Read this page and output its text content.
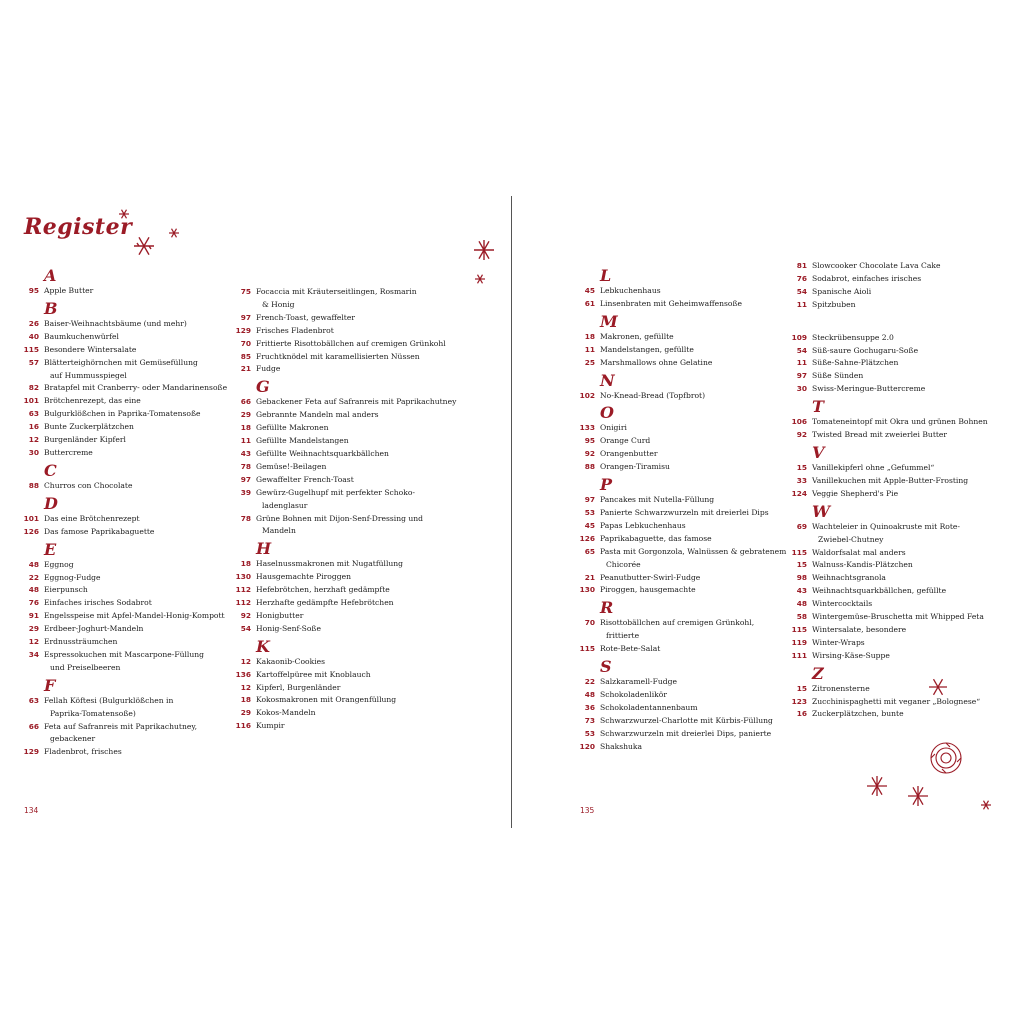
Register
A
95 Apple Butter
B
26 Baiser-Weihnachtsbäume (und mehr)
40 Baumkuchenwürfel
115 Besondere Wintersalate
57 Blätterteighörnchen mit Gemüsefüllung
auf Hummusspiegel
82 Bratapfel mit Cranberry- oder Mandarinensoße
101 Brötchenrezept, das eine
63 Bulgurklößchen in Paprika-Tomatensoße
16 Bunte Zuckerplätzchen
12 Burgenländer Kipferl
30 Buttercreme
C
88 Churros con Chocolate
D
101 Das eine Brötchenrezept
126 Das famose Paprikabaguette
E
48 Eggnog
22 Eggnog-Fudge
48 Eierpunsch
76 Einfaches irisches Sodabrot
91 Engelsspeise mit Apfel-Mandel-Honig-Kompott
29 Erdbeer-Joghurt-Mandeln
12 Erdnussträumchen
34 Espressokuchen mit Mascarpone-Füllung
und Preiselbeeren
F
63 Fellah Köftesi (Bulgurklößchen in
Paprika-Tomatensoße)
66 Feta auf Safranreis mit Paprikachutney,
gebackener
129 Fladenbrot, frisches
75 Focaccia mit Kräuterseitlingen, Rosmarin
& Honig
97 French-Toast, gewaffelter
129 Frisches Fladenbrot
70 Frittierte Risottobällchen auf cremigen Grünkohl
85 Fruchtknödel mit karamellisierten Nüssen
21 Fudge
G
66 Gebackener Feta auf Safranreis mit Paprikachutney
29 Gebrannte Mandeln mal anders
18 Gefüllte Makronen
11 Gefüllte Mandelstangen
43 Gefüllte Weihnachtsquarkbällchen
78 Gemüse!-Beilagen
97 Gewaffelter French-Toast
39 Gewürz-Gugelhupf mit perfekter Schoko-
ladenglasur
78 Grüne Bohnen mit Dijon-Senf-Dressing und
Mandeln
H
18 Haselnussmakronen mit Nugatfüllung
130 Hausgemachte Piroggen
112 Hefebrötchen, herzhaft gedämpfte
112 Herzhafte gedämpfte Hefebrötchen
92 Honigbutter
54 Honig-Senf-Soße
K
12 Kakaonib-Cookies
136 Kartoffelpüree mit Knoblauch
12 Kipferl, Burgenländer
18 Kokosmakronen mit Orangenfüllung
29 Kokos-Mandeln
116 Kumpir
L
45 Lebkuchenhaus
61 Linsenbraten mit Geheimwaffensoße
M
18 Makronen, gefüllte
11 Mandelstangen, gefüllte
25 Marshmallows ohne Gelatine
N
102 No-Knead-Bread (Topfbrot)
O
133 Onigiri
95 Orange Curd
92 Orangenbutter
88 Orangen-Tiramisu
P
97 Pancakes mit Nutella-Füllung
53 Panierte Schwarzwurzeln mit dreierlei Dips
45 Papas Lebkuchenhaus
126 Paprikabaguette, das famose
65 Pasta mit Gorgonzola, Walnüssen & gebratenem
Chicorée
21 Peanutbutter-Swirl-Fudge
130 Piroggen, hausgemachte
R
70 Risottobällchen auf cremigen Grünkohl,
frittierte
115 Rote-Bete-Salat
S
22 Salzkaramell-Fudge
48 Schokoladenlikör
36 Schokoladentannenbaum
73 Schwarzwurzel-Charlotte mit Kürbis-Füllung
53 Schwarzwurzeln mit dreierlei Dips, panierte
120 Shakshuka
81 Slowcooker Chocolate Lava Cake
76 Sodabrot, einfaches irisches
54 Spanische Aioli
11 Spitzbuben
109 Steckrübensuppe 2.0
54 Süß-saure Gochugaru-Soße
11 Süße-Sahne-Plätzchen
97 Süße Sünden
30 Swiss-Meringue-Buttercreme
T
106 Tomateneintopf mit Okra und grünen Bohnen
92 Twisted Bread mit zweierlei Butter
V
15 Vanillekipferl ohne „Gefummel“
33 Vanillekuchen mit Apple-Butter-Frosting
124 Veggie Shepherd's Pie
W
69 Wachteleier in Quinoakruste mit Rote-
Zwiebel-Chutney
115 Waldorfsalat mal anders
15 Walnuss-Kandis-Plätzchen
98 Weihnachtsgranola
43 Weihnachtsquarkbällchen, gefüllte
48 Wintercocktails
58 Wintergemüse-Bruschetta mit Whipped Feta
115 Wintersalate, besondere
119 Winter-Wraps
111 Wirsing-Käse-Suppe
Z
15 Zitronensterne
123 Zucchinispaghetti mit veganer „Bolognese“
16 Zuckerplätzchen, bunte
134	135
